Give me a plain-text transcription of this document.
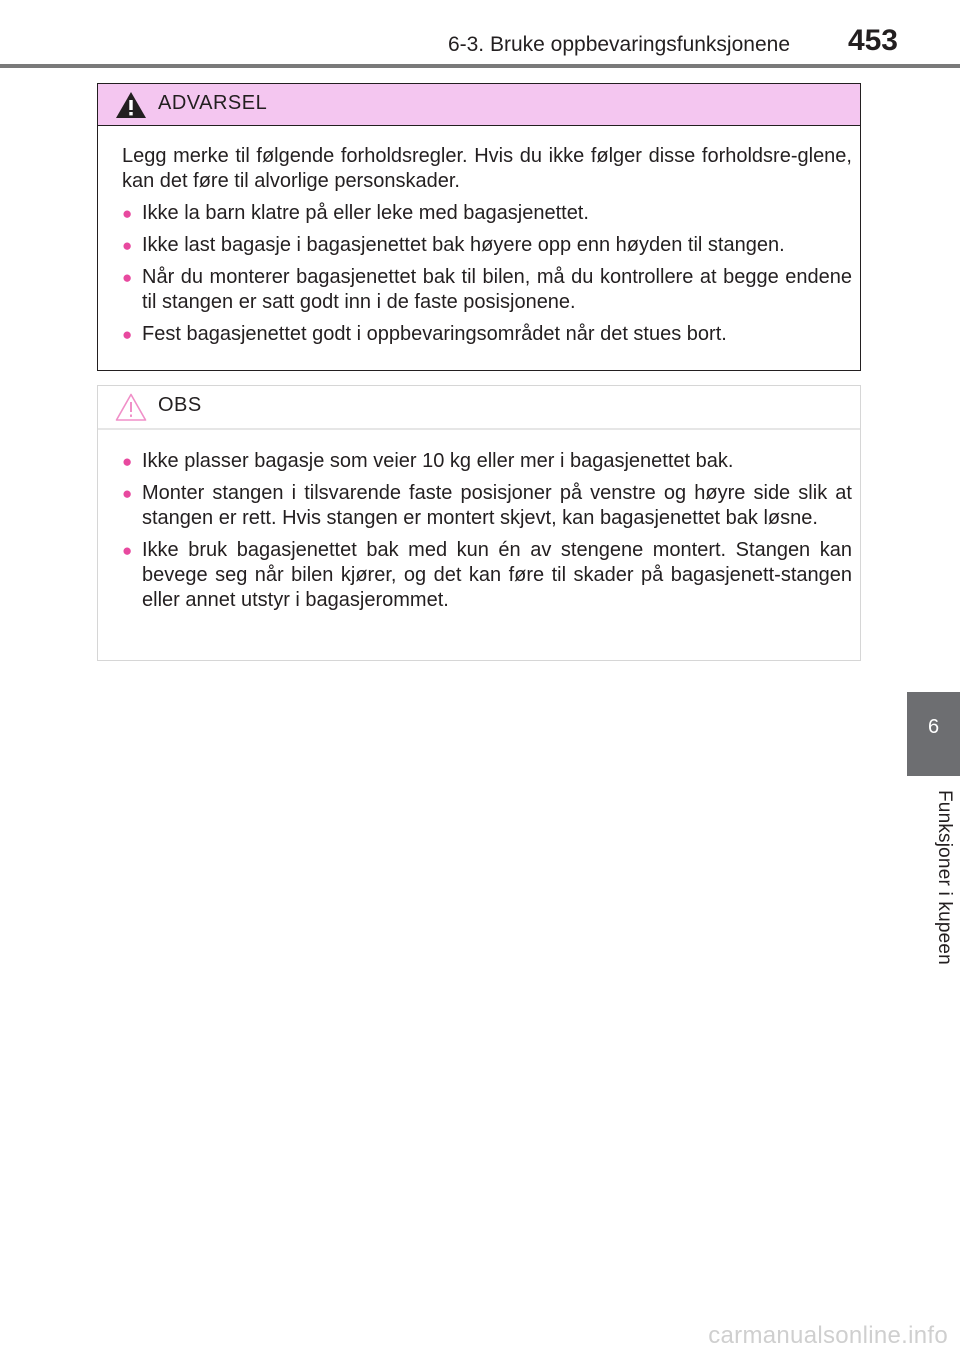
6-3. Bruke oppbevaringsfunksjonene	453
6
Funksjoner i kupeen
ADVARSEL

Legg merke til følgende forholdsregler. Hvis du ikke følger disse forholdsre-glene, kan det føre til alvorlige personskader.

● Ikke la barn klatre på eller leke med bagasjenettet.
● Ikke last bagasje i bagasjenettet bak høyere opp enn høyden til stangen.
● Når du monterer bagasjenettet bak til bilen, må du kontrollere at begge endene til stangen er satt godt inn i de faste posisjonene.
● Fest bagasjenettet godt i oppbevaringsområdet når det stues bort.
OBS
● Ikke plasser bagasje som veier 10 kg eller mer i bagasjenettet bak.
● Monter stangen i tilsvarende faste posisjoner på venstre og høyre side slik at stangen er rett. Hvis stangen er montert skjevt, kan bagasjenettet bak løsne.
● Ikke bruk bagasjenettet bak med kun én av stengene montert. Stangen kan bevege seg når bilen kjører, og det kan føre til skader på bagasjenett-stangen eller annet utstyr i bagasjerommet.
carmanualsonline.info
